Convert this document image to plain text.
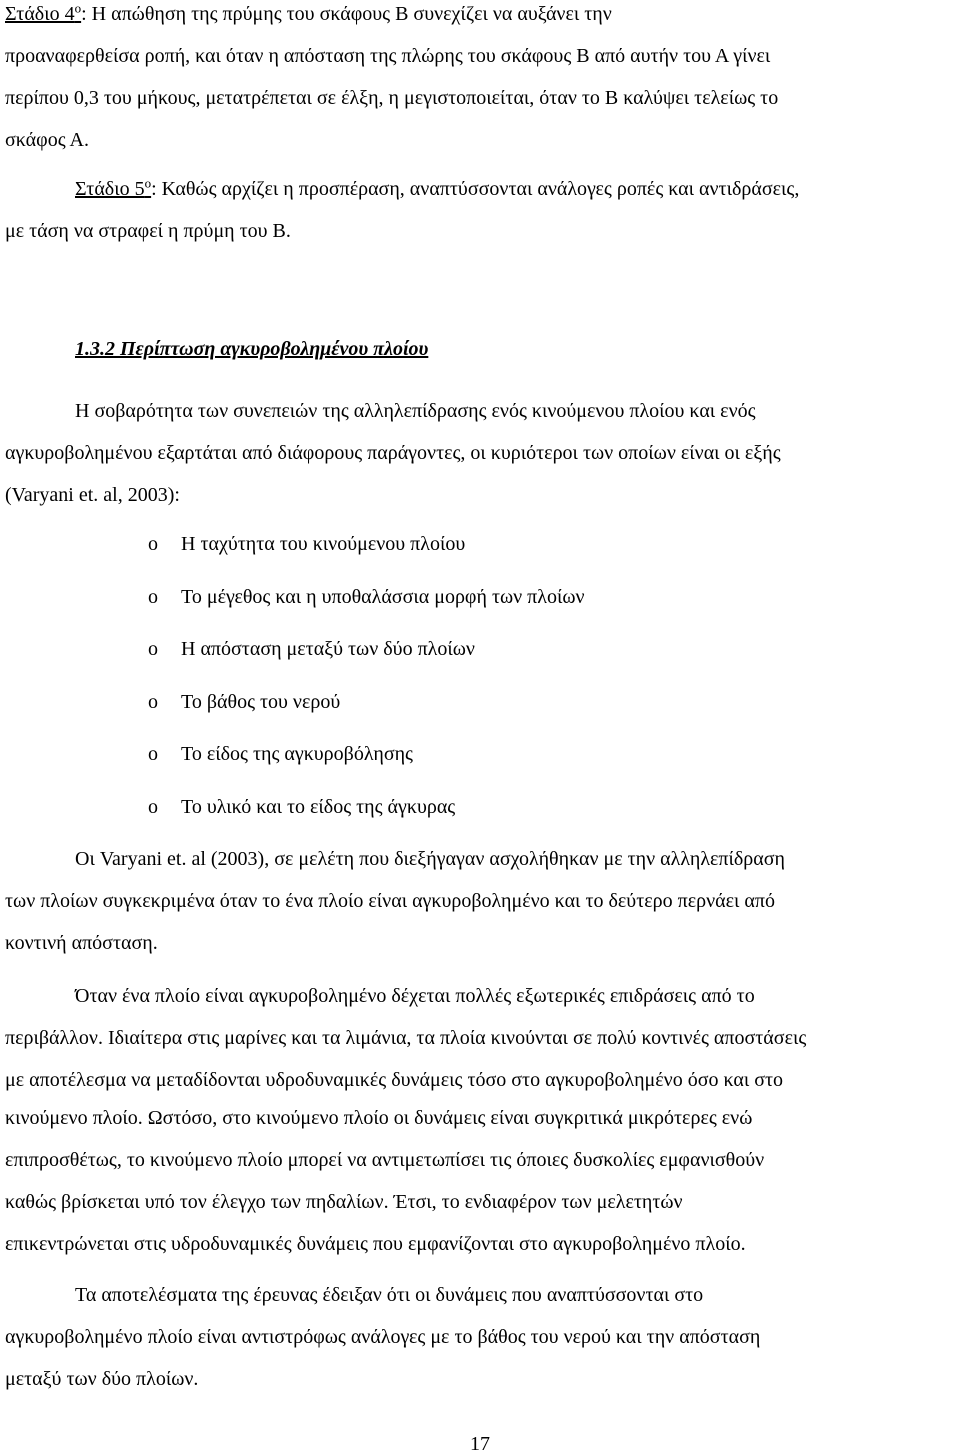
Στάδιο $4^o$: Η απώθηση της πρύμης του σκάφους Β συνεχίζει να αυξάνει την
προαναφερθείσα ροπή, και όταν η απόσταση της πλώρης του σκάφους Β από αυτήν του Α γίνει
περίπου 0,3 του μήκους, μετατρέπεται σε έλξη, η μεγιστοποιείται, όταν το Β καλύψει τελείως το
σκάφος Α.
Στάδιο $5^o$: Καθώς αρχίζει η προσπέραση, αναπτύσσονται ανάλογες ροπές και αντιδράσεις,
με τάση να στραφεί η πρύμη του Β.
1.3.2 Περίπτωση αγκυροβολημένου πλοίου
Η σοβαρότητα των συνεπειών της αλληλεπίδρασης ενός κινούμενου πλοίου και ενός
αγκυροβολημένου εξαρτάται από διάφορους παράγοντες, οι κυριότεροι των οποίων είναι οι εξής
(Varyani et. al, 2003):
o Η ταχύτητα του κινούμενου πλοίου
o Το μέγεθος και η υποθαλάσσια μορφή των πλοίων
o Η απόσταση μεταξύ των δύο πλοίων
o Το βάθος του νερού
o Το είδος της αγκυροβόλησης
o Το υλικό και το είδος της άγκυρας
Οι Varyani et. al (2003), σε μελέτη που διεξήγαγαν ασχολήθηκαν με την αλληλεπίδραση
των πλοίων συγκεκριμένα όταν το ένα πλοίο είναι αγκυροβολημένο και το δεύτερο περνάει από
κοντινή απόσταση.
Όταν ένα πλοίο είναι αγκυροβολημένο δέχεται πολλές εξωτερικές επιδράσεις από το
περιβάλλον. Ιδιαίτερα στις μαρίνες και τα λιμάνια, τα πλοία κινούνται σε πολύ κοντινές αποστάσεις
με αποτέλεσμα να μεταδίδονται υδροδυναμικές δυνάμεις τόσο στο αγκυροβολημένο όσο και στο
κινούμενο πλοίο. Ωστόσο, στο κινούμενο πλοίο οι δυνάμεις είναι συγκριτικά μικρότερες ενώ
επιπροσθέτως, το κινούμενο πλοίο μπορεί να αντιμετωπίσει τις όποιες δυσκολίες εμφανισθούν
καθώς βρίσκεται υπό τον έλεγχο των πηδαλίων. Έτσι, το ενδιαφέρον των μελετητών
επικεντρώνεται στις υδροδυναμικές δυνάμεις που εμφανίζονται στο αγκυροβολημένο πλοίο.
Τα αποτελέσματα της έρευνας έδειξαν ότι οι δυνάμεις που αναπτύσσονται στο
αγκυροβολημένο πλοίο είναι αντιστρόφως ανάλογες με το βάθος του νερού και την απόσταση
μεταξύ των δύο πλοίων.
17
